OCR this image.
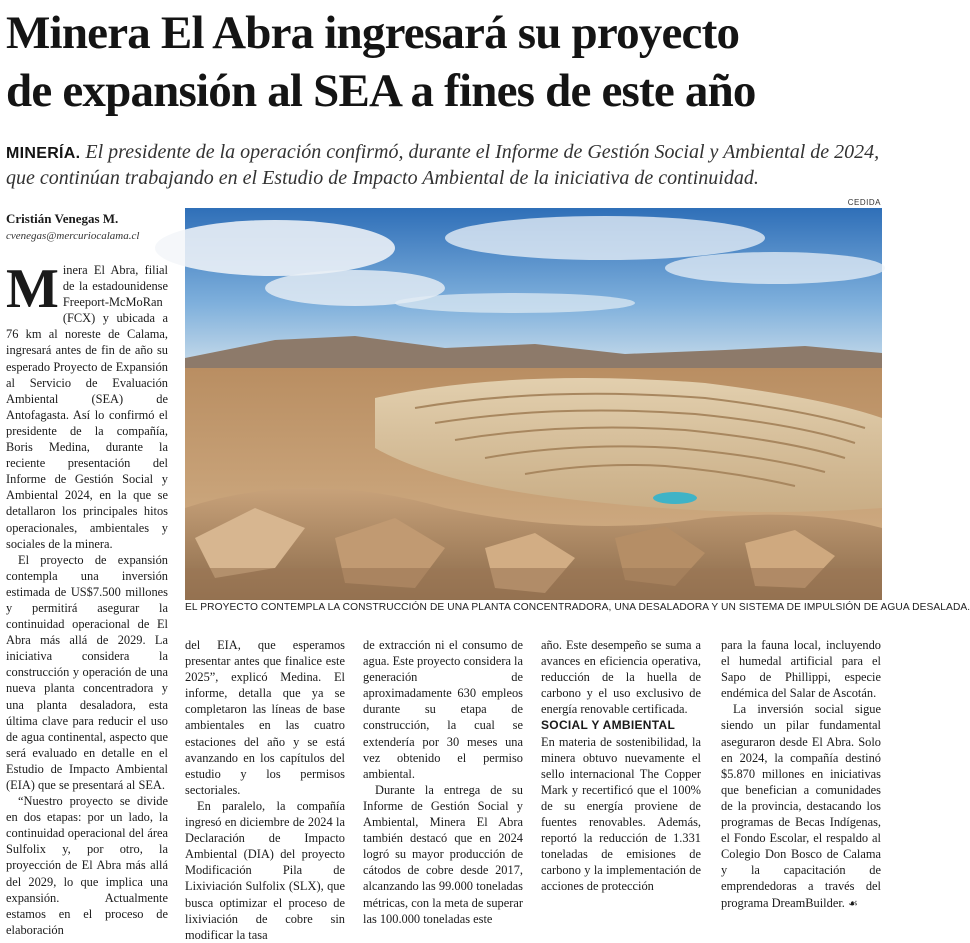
Minera El Abra ingresará su proyecto
de expansión al SEA a fines de este año
MINERÍA. El presidente de la operación confirmó, durante el Informe de Gestión Social y Ambiental de 2024, que continúan trabajando en el Estudio de Impacto Ambiental de la iniciativa de continuidad.
Cristián Venegas M.
cvenegas@mercuriocalama.cl
CEDIDA
EL PROYECTO CONTEMPLA LA CONSTRUCCIÓN DE UNA PLANTA CONCENTRADORA, UNA DESALADORA Y UN SISTEMA DE IMPULSIÓN DE AGUA DESALADA.

Minera El Abra, filial de la estadounidense Freeport-McMoRan (FCX) y ubicada a 76 km al noreste de Calama, ingresará antes de fin de año su esperado Proyecto de Expansión al Servicio de Evaluación Ambiental (SEA) de Antofagasta. Así lo confirmó el presidente de la compañía, Boris Medina, durante la reciente presentación del Informe de Gestión Social y Ambiental 2024, en la que se detallaron los principales hitos operacionales, ambientales y sociales de la minera.

El proyecto de expansión contempla una inversión estimada de US$7.500 millones y permitirá asegurar la continuidad operacional de El Abra más allá de 2029. La iniciativa considera la construcción y operación de una nueva planta concentradora y una planta desaladora, esta última clave para reducir el uso de agua continental, aspecto que será evaluado en detalle en el Estudio de Impacto Ambiental (EIA) que se presentará al SEA.

“Nuestro proyecto se divide en dos etapas: por un lado, la continuidad operacional del área Sulfolix y, por otro, la proyección de El Abra más allá del 2029, lo que implica una expansión. Actualmente estamos en el proceso de elaboración

del EIA, que esperamos presentar antes que finalice este 2025”, explicó Medina. El informe, detalla que ya se completaron las líneas de base ambientales en las cuatro estaciones del año y se está avanzando en los capítulos del estudio y los permisos sectoriales.

En paralelo, la compañía ingresó en diciembre de 2024 la Declaración de Impacto Ambiental (DIA) del proyecto Modificación Pila de Lixiviación Sulfolix (SLX), que busca optimizar el proceso de lixiviación de cobre sin modificar la tasa

de extracción ni el consumo de agua. Este proyecto considera la generación de aproximadamente 630 empleos durante su etapa de construcción, la cual se extendería por 30 meses una vez obtenido el permiso ambiental.

Durante la entrega de su Informe de Gestión Social y Ambiental, Minera El Abra también destacó que en 2024 logró su mayor producción de cátodos de cobre desde 2017, alcanzando las 99.000 toneladas métricas, con la meta de superar las 100.000 toneladas este

año. Este desempeño se suma a avances en eficiencia operativa, reducción de la huella de carbono y el uso exclusivo de energía renovable certificada.

SOCIAL Y AMBIENTAL

En materia de sostenibilidad, la minera obtuvo nuevamente el sello internacional The Copper Mark y recertificó que el 100% de su energía proviene de fuentes renovables. Además, reportó la reducción de 1.331 toneladas de emisiones de carbono y la implementación de acciones de protección

para la fauna local, incluyendo el humedal artificial para el Sapo de Phillippi, especie endémica del Salar de Ascotán.

La inversión social sigue siendo un pilar fundamental aseguraron desde El Abra. Solo en 2024, la compañía destinó $5.870 millones en iniciativas que benefician a comunidades de la provincia, destacando los programas de Becas Indígenas, el Fondo Escolar, el respaldo al Colegio Don Bosco de Calama y la capacitación de emprendedoras a través del programa DreamBuilder. ☙
